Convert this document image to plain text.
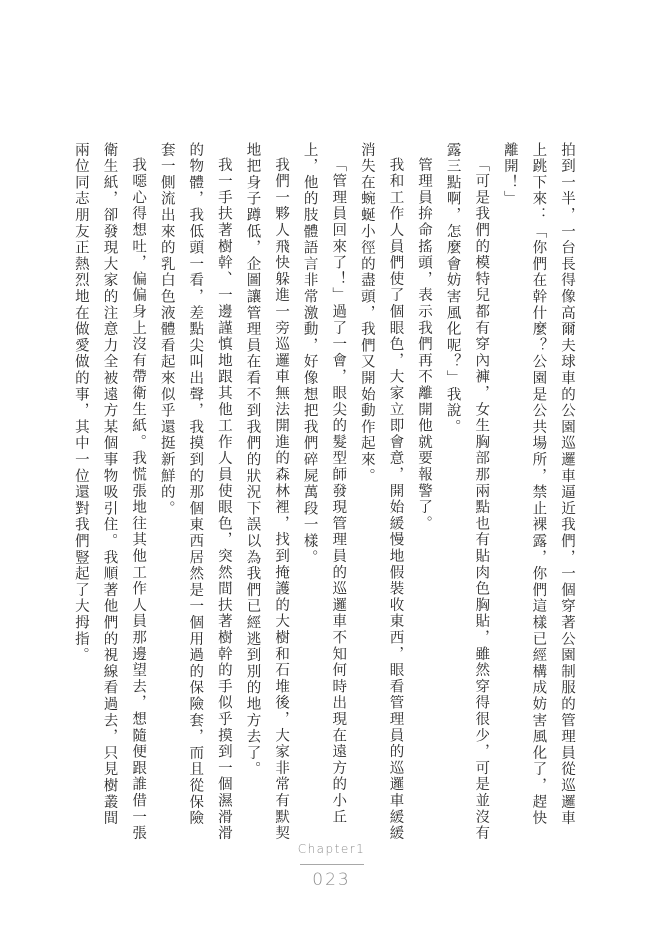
拍到一半，一台長得像高爾夫球車的公園巡邏車逼近我們，一個穿著公園制服的管理員從巡邏車上跳下來：「你們在幹什麼？公園是公共場所，禁止裸露，你們這樣已經構成妨害風化了，趕快離開！」

「可是我們的模特兒都有穿內褲，女生胸部那兩點也有貼肉色胸貼，雖然穿得很少，可是並沒有露三點啊，怎麼會妨害風化呢？」我說。

管理員拚命搖頭，表示我們再不離開他就要報警了。

我和工作人員們使了個眼色，大家立即會意，開始緩慢地假裝收東西，眼看管理員的巡邏車緩緩消失在蜿蜒小徑的盡頭，我們又開始動作起來。

「管理員回來了！」過了一會，眼尖的髮型師發現管理員的巡邏車不知何時出現在遠方的小丘上，他的肢體語言非常激動，好像想把我們碎屍萬段一樣。

我們一夥人飛快躲進一旁巡邏車無法開進的森林裡，找到掩護的大樹和石堆後，大家非常有默契地把身子蹲低，企圖讓管理員在看不到我們的狀況下誤以為我們已經逃到別的地方去了。

我一手扶著樹幹、一邊謹慎地跟其他工作人員使眼色，突然間扶著樹幹的手似乎摸到一個濕滑滑的物體，我低頭一看，差點尖叫出聲，我摸到的那個東西居然是一個用過的保險套，而且從保險套一側流出來的乳白色液體看起來似乎還挺新鮮的。

我噁心得想吐，偏偏身上沒有帶衛生紙。我慌張地往其他工作人員那邊望去，想隨便跟誰借一張衛生紙，卻發現大家的注意力全被遠方某個事物吸引住。我順著他們的視線看過去，只見樹叢間兩位同志朋友正熱烈地在做愛做的事，其中一位還對我們豎起了大拇指。

Chapter1
023
